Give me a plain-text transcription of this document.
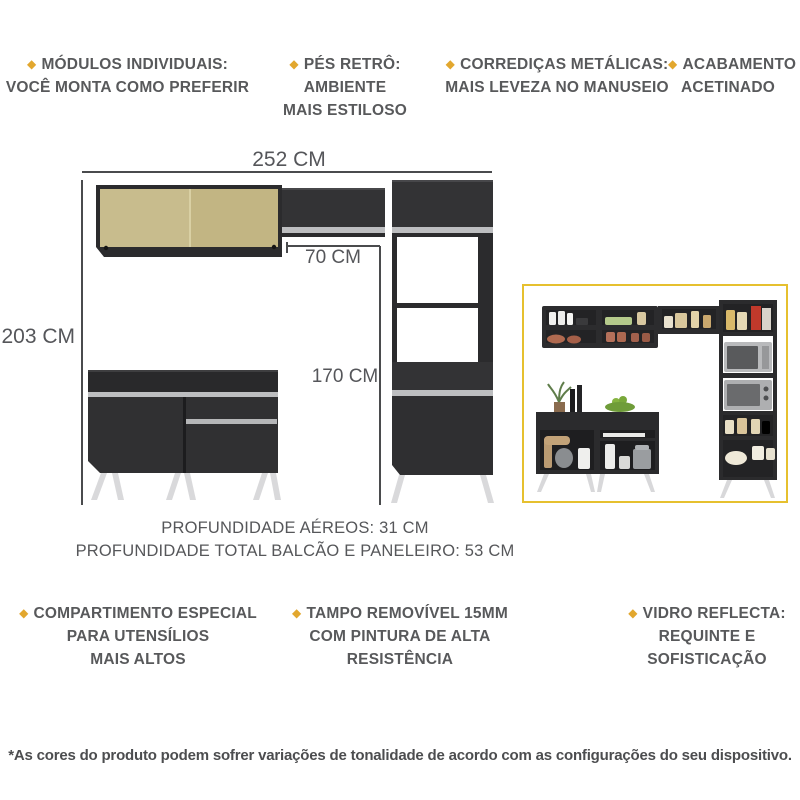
◆ MÓDULOS INDIVIDUAIS:
VOCÊ MONTA COMO PREFERIR
◆ PÉS RETRÔ: AMBIENTE
MAIS ESTILOSO
◆ CORREDIÇAS METÁLICAS:
MAIS LEVEZA NO MANUSEIO
◆ ACABAMENTO
ACETINADO
252 CM
203 CM
70 CM
170 CM
PROFUNDIDADE AÉREOS: 31 CM
PROFUNDIDADE TOTAL BALCÃO E PANELEIRO: 53 CM
◆ COMPARTIMENTO ESPECIAL
PARA UTENSÍLIOS
MAIS ALTOS
◆ TAMPO REMOVÍVEL 15MM
COM PINTURA DE ALTA
RESISTÊNCIA
◆ VIDRO REFLECTA:
REQUINTE E
SOFISTICAÇÃO
*As cores do produto podem sofrer variações de tonalidade de acordo com as configurações do seu dispositivo.
